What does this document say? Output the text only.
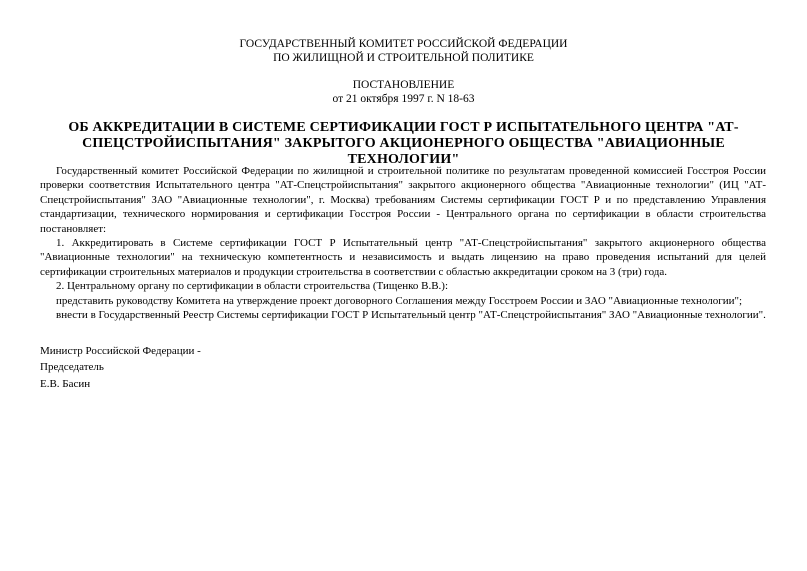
ГОСУДАРСТВЕННЫЙ КОМИТЕТ РОССИЙСКОЙ ФЕДЕРАЦИИ
ПО ЖИЛИЩНОЙ И СТРОИТЕЛЬНОЙ ПОЛИТИКЕ
ПОСТАНОВЛЕНИЕ
от 21 октября 1997 г. N 18-63
ОБ АККРЕДИТАЦИИ В СИСТЕМЕ СЕРТИФИКАЦИИ ГОСТ Р ИСПЫТАТЕЛЬНОГО ЦЕНТРА "АТ-СПЕЦСТРОЙИСПЫТАНИЯ" ЗАКРЫТОГО АКЦИОНЕРНОГО ОБЩЕСТВА "АВИАЦИОННЫЕ ТЕХНОЛОГИИ"

Государственный комитет Российской Федерации по жилищной и строительной политике по результатам проведенной комиссией Госстроя России проверки соответствия Испытательного центра "АТ-Спецстройиспытания" закрытого акционерного общества "Авиационные технологии" (ИЦ "АТ-Спецстройиспытания" ЗАО "Авиационные технологии", г. Москва) требованиям Системы сертификации ГОСТ Р и по представлению Управления стандартизации, технического нормирования и сертификации Госстроя России - Центрального органа по сертификации в области строительства постановляет:

1. Аккредитировать в Системе сертификации ГОСТ Р Испытательный центр "АТ-Спецстройиспытания" закрытого акционерного общества "Авиационные технологии" на техническую компетентность и независимость и выдать лицензию на право проведения испытаний для целей сертификации строительных материалов и продукции строительства в соответствии с областью аккредитации сроком на 3 (три) года.

2. Центральному органу по сертификации в области строительства (Тищенко В.В.):

представить руководству Комитета на утверждение проект договорного Соглашения между Госстроем России и ЗАО "Авиационные технологии";

внести в Государственный Реестр Системы сертификации ГОСТ Р Испытательный центр "АТ-Спецстройиспытания" ЗАО "Авиационные технологии".

Министр Российской Федерации -
Председатель
Е.В. Басин
